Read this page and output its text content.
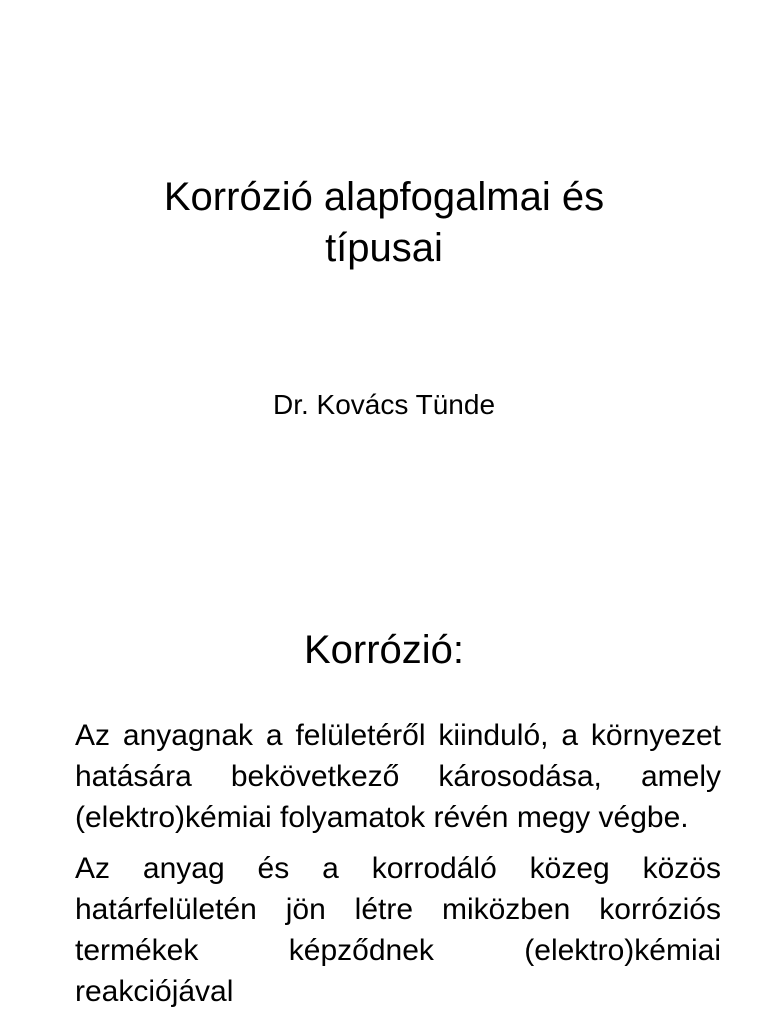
Korrózió alapfogalmai és
típusai
Dr. Kovács Tünde
Korrózió:

Az anyagnak a felületéről kiinduló, a környezet hatására bekövetkező károsodása, amely (elektro)kémiai folyamatok révén megy végbe.

Az anyag és a korrodáló közeg közös határfelületén jön létre miközben korróziós termékek képződnek (elektro)kémiai reakciójával
